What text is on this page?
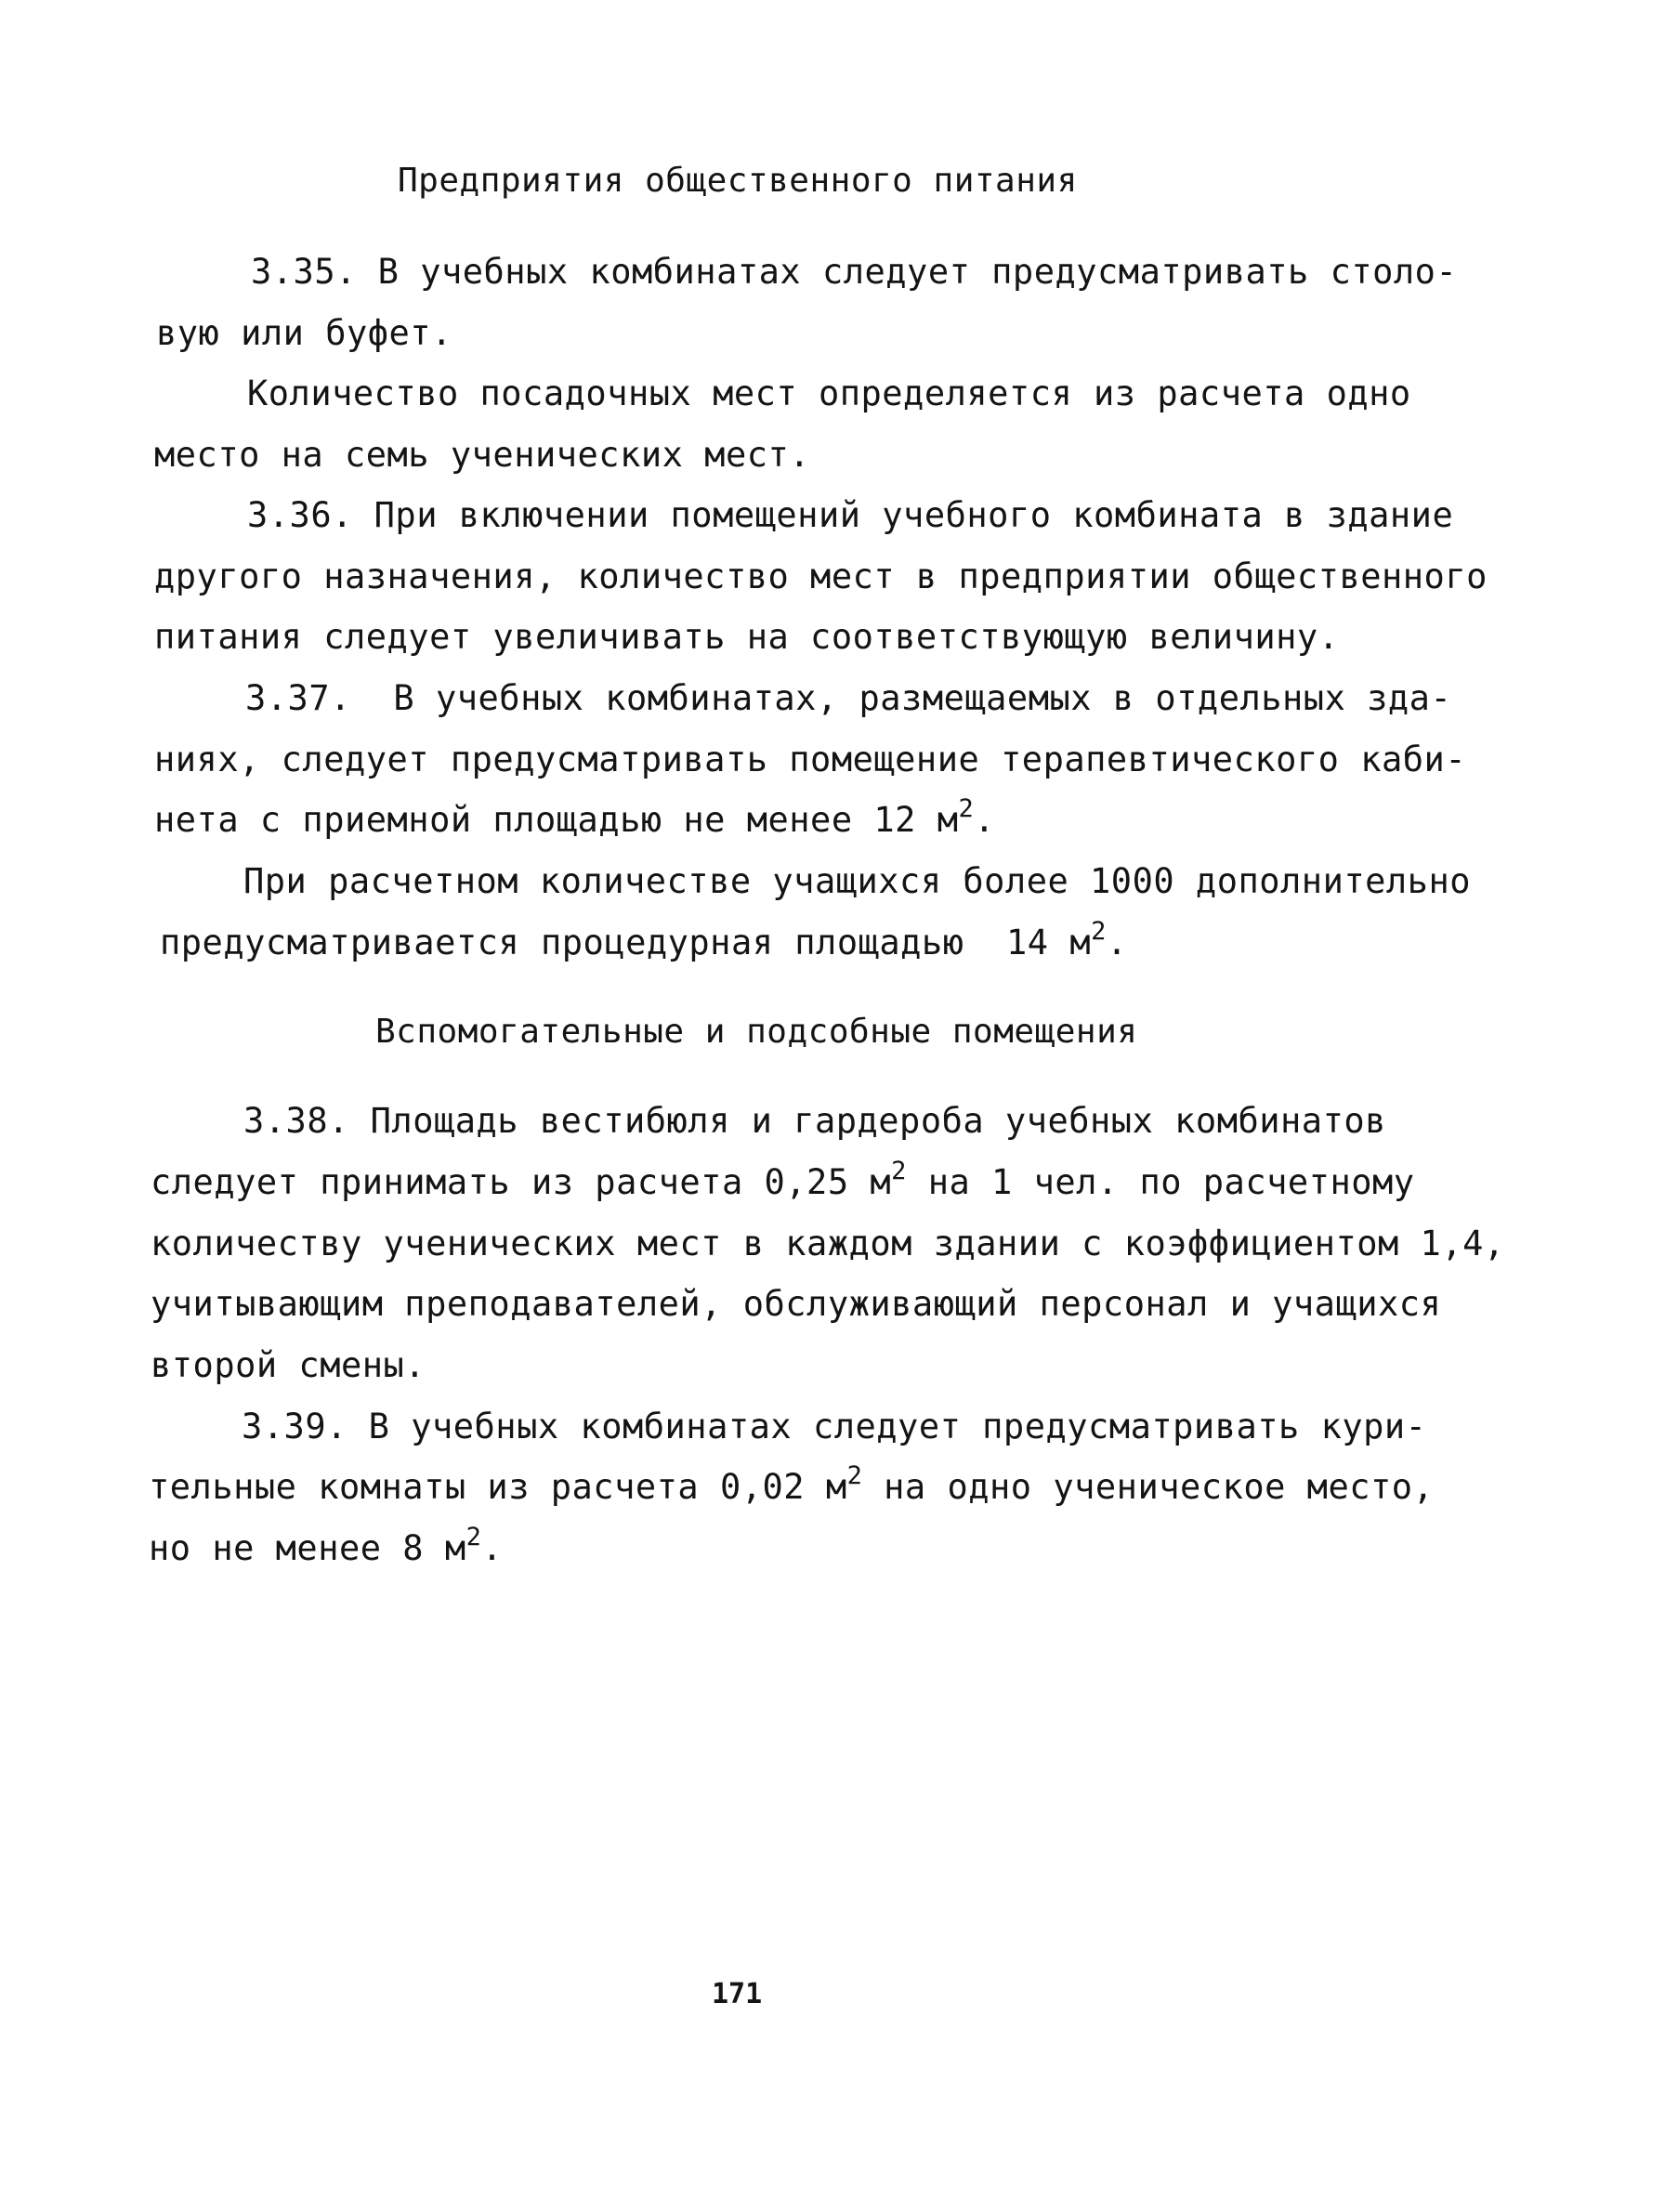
Предприятия общественного питания
3.35. В учебных комбинатах следует предусматривать столо-
вую или буфет.
Количество посадочных мест определяется из расчета одно
место на семь ученических мест.
3.36. При включении помещений учебного комбината в здание
другого назначения, количество мест в предприятии общественного
питания следует увеличивать на соответствующую величину.
3.37.  В учебных комбинатах, размещаемых в отдельных зда-
ниях, следует предусматривать помещение терапевтического каби-
нета с приемной площадью не менее 12 $м^2$.
При расчетном количестве учащихся более 1000 дополнительно
предусматривается процедурная площадью  14 $м^2$.
Вспомогательные и подсобные помещения
3.38. Площадь вестибюля и гардероба учебных комбинатов
следует принимать из расчета 0,25 $м^2$ на 1 чел. по расчетному
количеству ученических мест в каждом здании с коэффициентом 1,4,
учитывающим преподавателей, обслуживающий персонал и учащихся
второй смены.
3.39. В учебных комбинатах следует предусматривать кури-
тельные комнаты из расчета 0,02 $м^2$ на одно ученическое место,
но не менее 8 $м^2$.
171
